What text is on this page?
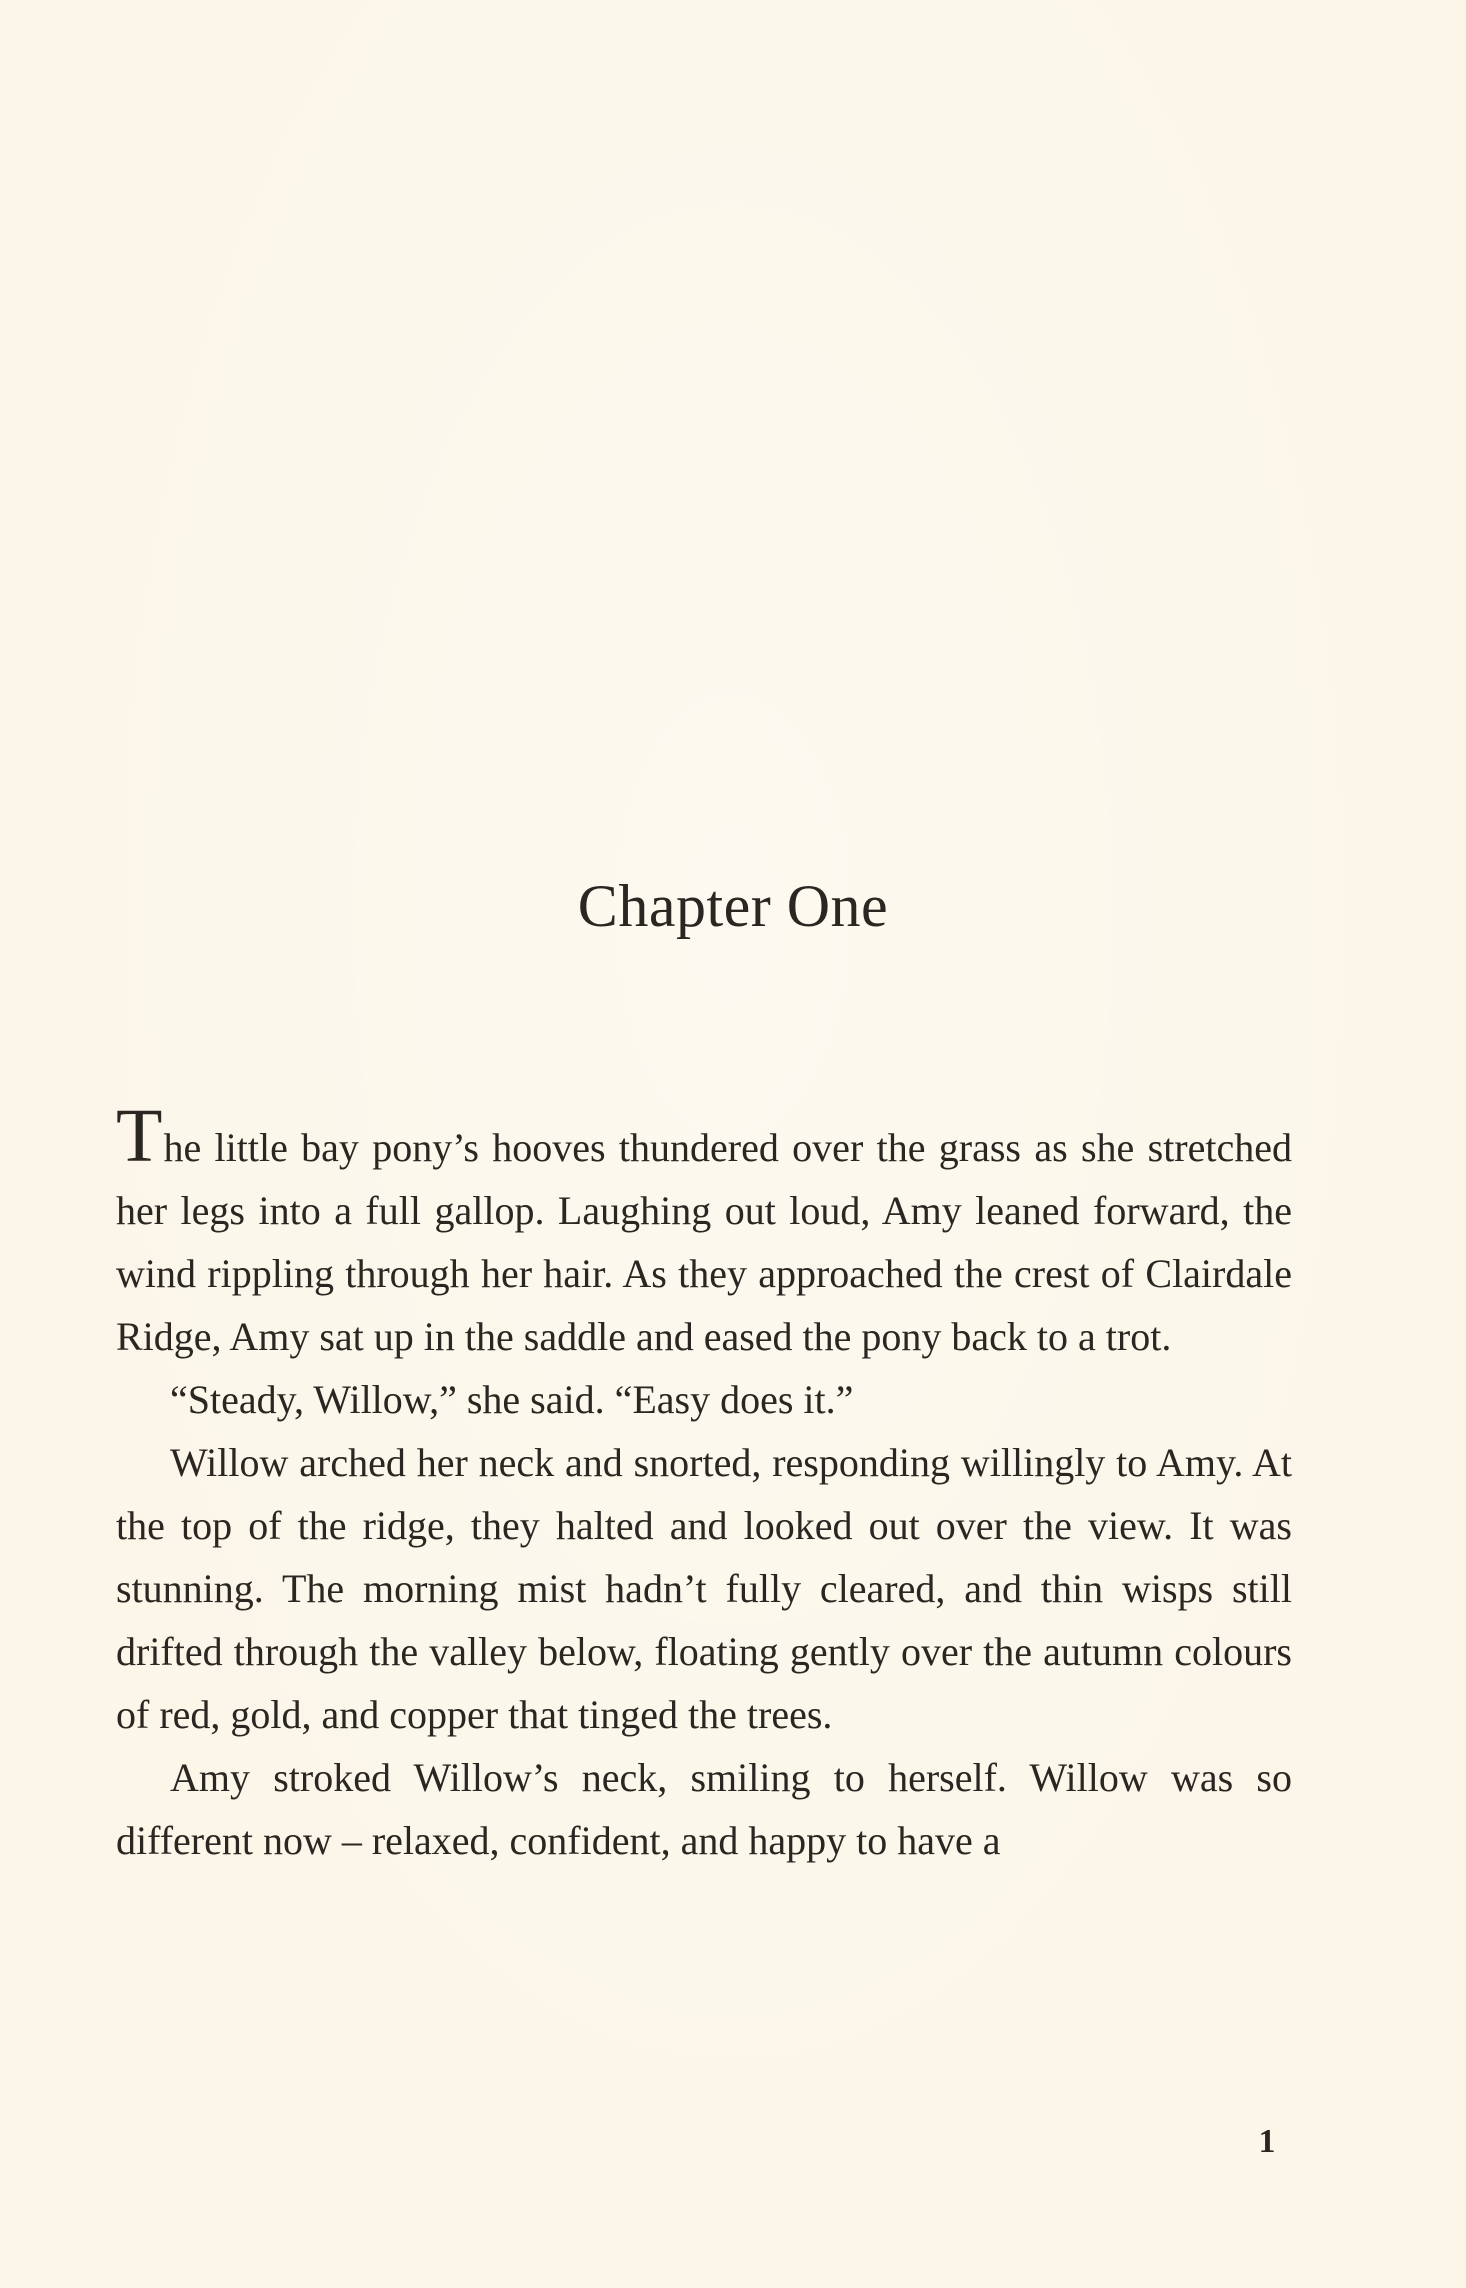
Chapter One

The little bay pony’s hooves thundered over the grass as she stretched her legs into a full gallop. Laughing out loud, Amy leaned forward, the wind rippling through her hair. As they approached the crest of Clairdale Ridge, Amy sat up in the saddle and eased the pony back to a trot.

“Steady, Willow,” she said. “Easy does it.”

Willow arched her neck and snorted, responding willingly to Amy. At the top of the ridge, they halted and looked out over the view. It was stunning. The morning mist hadn’t fully cleared, and thin wisps still drifted through the valley below, floating gently over the autumn colours of red, gold, and copper that tinged the trees.

Amy stroked Willow’s neck, smiling to herself. Willow was so different now – relaxed, confident, and happy to have a

1
